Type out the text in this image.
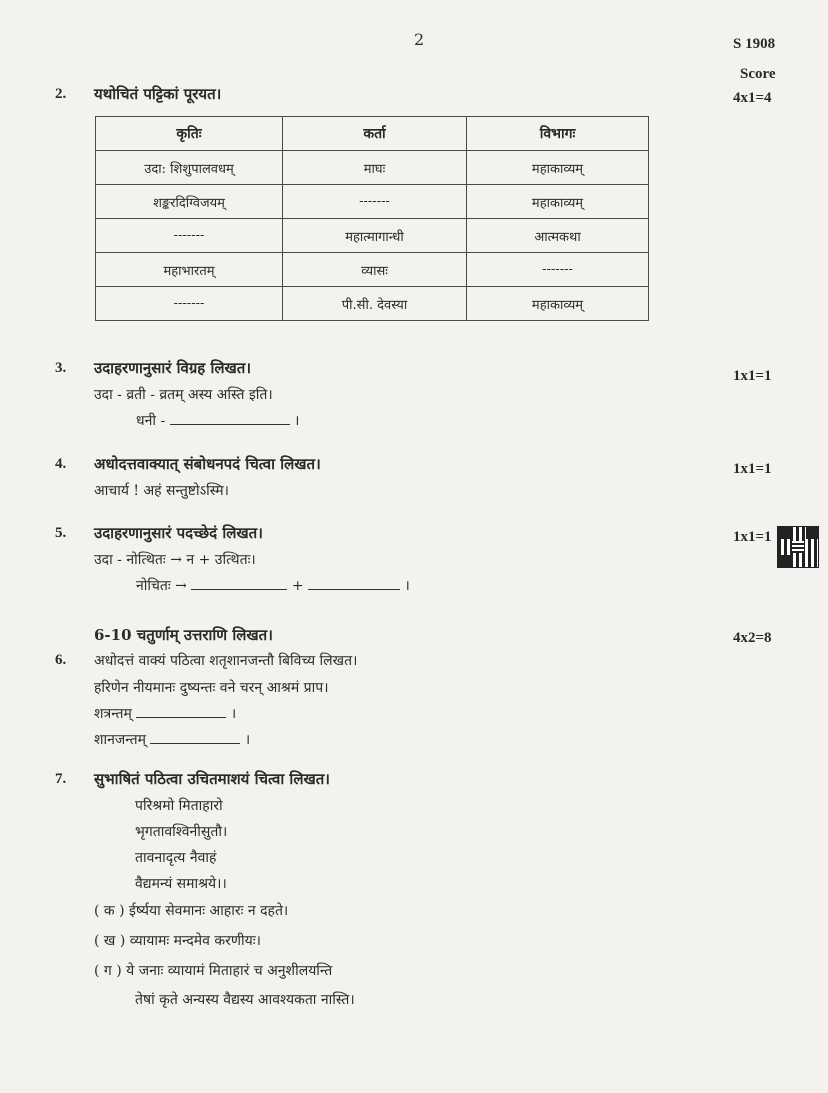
2	S 1908
Score
2. यथोचितं पट्टिकां पूरयत।	4x1=4
कृतिः	कर्ता	विभागः
उदा: शिशुपालवधम्	माघः	महाकाव्यम्
शङ्करदिग्विजयम्	-------	महाकाव्यम्
-------	महात्मागान्धी	आत्मकथा
महाभारतम्	व्यासः	-------
-------	पी.सी. देवस्या	महाकाव्यम्
3. उदाहरणानुसारं विग्रह लिखत।	1x1=1
उदा - व्रती - व्रतम् अस्य अस्ति इति।
धनी -	।
4. अधोदत्तवाक्यात् संबोधनपदं चित्वा लिखत।	1x1=1
आचार्य ! अहं सन्तुष्टोऽस्मि।
5. उदाहरणानुसारं पदच्छेदं लिखत।	1x1=1
उदा - नोत्थितः → न + उत्थितः।
नोचितः →	+	।
6-10 चतुर्णाम् उत्तराणि लिखत।	4x2=8
6. अधोदत्तं वाक्यं पठित्वा शतृशानजन्तौ बिविच्य लिखत।
हरिणेन नीयमानः दुष्यन्तः वने चरन् आश्रमं प्राप।
शत्रन्तम्	।
शानजन्तम्	।
7. सुभाषितं पठित्वा उचितमाशयं चित्वा लिखत।
परिश्रमो मिताहारो
भृगतावश्विनीसुतौ।
तावनादृत्य नैवाहं
वैद्यमन्यं समाश्रये।।
( क ) ईर्ष्यया सेवमानः आहारः न दहते।
( ख ) व्यायामः मन्दमेव करणीयः।
( ग ) ये जनाः व्यायामं मिताहारं च अनुशीलयन्ति
तेषां कृते अन्यस्य वैद्यस्य आवश्यकता नास्ति।
